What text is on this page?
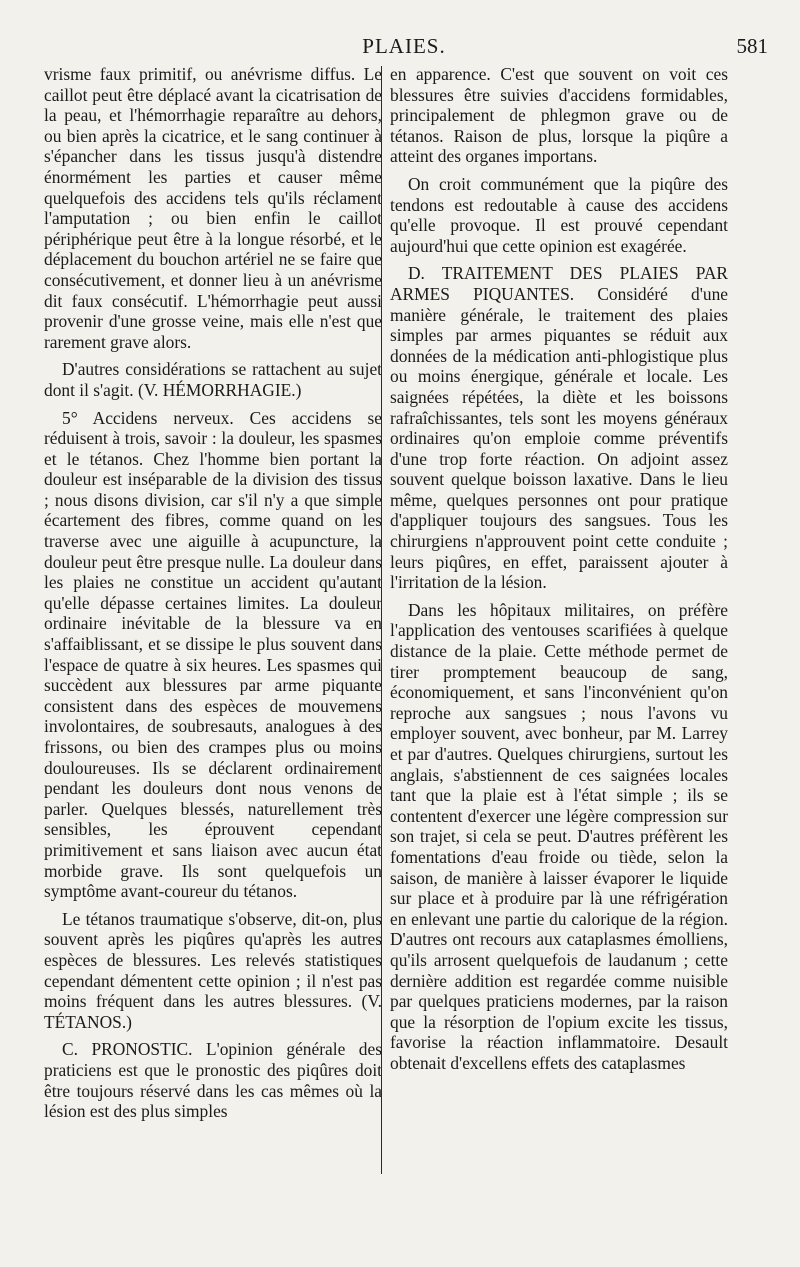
PLAIES.	581

vrisme faux primitif, ou anévrisme diffus. Le caillot peut être déplacé avant la cicatrisation de la peau, et l'hémorrhagie reparaître au dehors, ou bien après la cicatrice, et le sang continuer à s'épancher dans les tissus jusqu'à distendre énormément les parties et causer même quelquefois des accidens tels qu'ils réclament l'amputation ; ou bien enfin le caillot périphérique peut être à la longue résorbé, et le déplacement du bouchon artériel ne se faire que consécutivement, et donner lieu à un anévrisme dit faux consécutif. L'hémorrhagie peut aussi provenir d'une grosse veine, mais elle n'est que rarement grave alors.

D'autres considérations se rattachent au sujet dont il s'agit. (V. HÉMORRHAGIE.)

5° Accidens nerveux. Ces accidens se réduisent à trois, savoir : la douleur, les spasmes et le tétanos. Chez l'homme bien portant la douleur est inséparable de la division des tissus ; nous disons division, car s'il n'y a que simple écartement des fibres, comme quand on les traverse avec une aiguille à acupuncture, la douleur peut être presque nulle. La douleur dans les plaies ne constitue un accident qu'autant qu'elle dépasse certaines limites. La douleur ordinaire inévitable de la blessure va en s'affaiblissant, et se dissipe le plus souvent dans l'espace de quatre à six heures. Les spasmes qui succèdent aux blessures par arme piquante consistent dans des espèces de mouvemens involontaires, de soubresauts, analogues à des frissons, ou bien des crampes plus ou moins douloureuses. Ils se déclarent ordinairement pendant les douleurs dont nous venons de parler. Quelques blessés, naturellement très sensibles, les éprouvent cependant primitivement et sans liaison avec aucun état morbide grave. Ils sont quelquefois un symptôme avant-coureur du tétanos.

Le tétanos traumatique s'observe, dit-on, plus souvent après les piqûres qu'après les autres espèces de blessures. Les relevés statistiques cependant démentent cette opinion ; il n'est pas moins fréquent dans les autres blessures. (V. TÉTANOS.)

C. PRONOSTIC. L'opinion générale des praticiens est que le pronostic des piqûres doit être toujours réservé dans les cas mêmes où la lésion est des plus simples

en apparence. C'est que souvent on voit ces blessures être suivies d'accidens formidables, principalement de phlegmon grave ou de tétanos. Raison de plus, lorsque la piqûre a atteint des organes importans.

On croit communément que la piqûre des tendons est redoutable à cause des accidens qu'elle provoque. Il est prouvé cependant aujourd'hui que cette opinion est exagérée.

D. TRAITEMENT DES PLAIES PAR ARMES PIQUANTES. Considéré d'une manière générale, le traitement des plaies simples par armes piquantes se réduit aux données de la médication anti-phlogistique plus ou moins énergique, générale et locale. Les saignées répétées, la diète et les boissons rafraîchissantes, tels sont les moyens généraux ordinaires qu'on emploie comme préventifs d'une trop forte réaction. On adjoint assez souvent quelque boisson laxative. Dans le lieu même, quelques personnes ont pour pratique d'appliquer toujours des sangsues. Tous les chirurgiens n'approuvent point cette conduite ; leurs piqûres, en effet, paraissent ajouter à l'irritation de la lésion.

Dans les hôpitaux militaires, on préfère l'application des ventouses scarifiées à quelque distance de la plaie. Cette méthode permet de tirer promptement beaucoup de sang, économiquement, et sans l'inconvénient qu'on reproche aux sangsues ; nous l'avons vu employer souvent, avec bonheur, par M. Larrey et par d'autres. Quelques chirurgiens, surtout les anglais, s'abstiennent de ces saignées locales tant que la plaie est à l'état simple ; ils se contentent d'exercer une légère compression sur son trajet, si cela se peut. D'autres préfèrent les fomentations d'eau froide ou tiède, selon la saison, de manière à laisser évaporer le liquide sur place et à produire par là une réfrigération en enlevant une partie du calorique de la région. D'autres ont recours aux cataplasmes émolliens, qu'ils arrosent quelquefois de laudanum ; cette dernière addition est regardée comme nuisible par quelques praticiens modernes, par la raison que la résorption de l'opium excite les tissus, favorise la réaction inflammatoire. Desault obtenait d'excellens effets des cataplasmes
